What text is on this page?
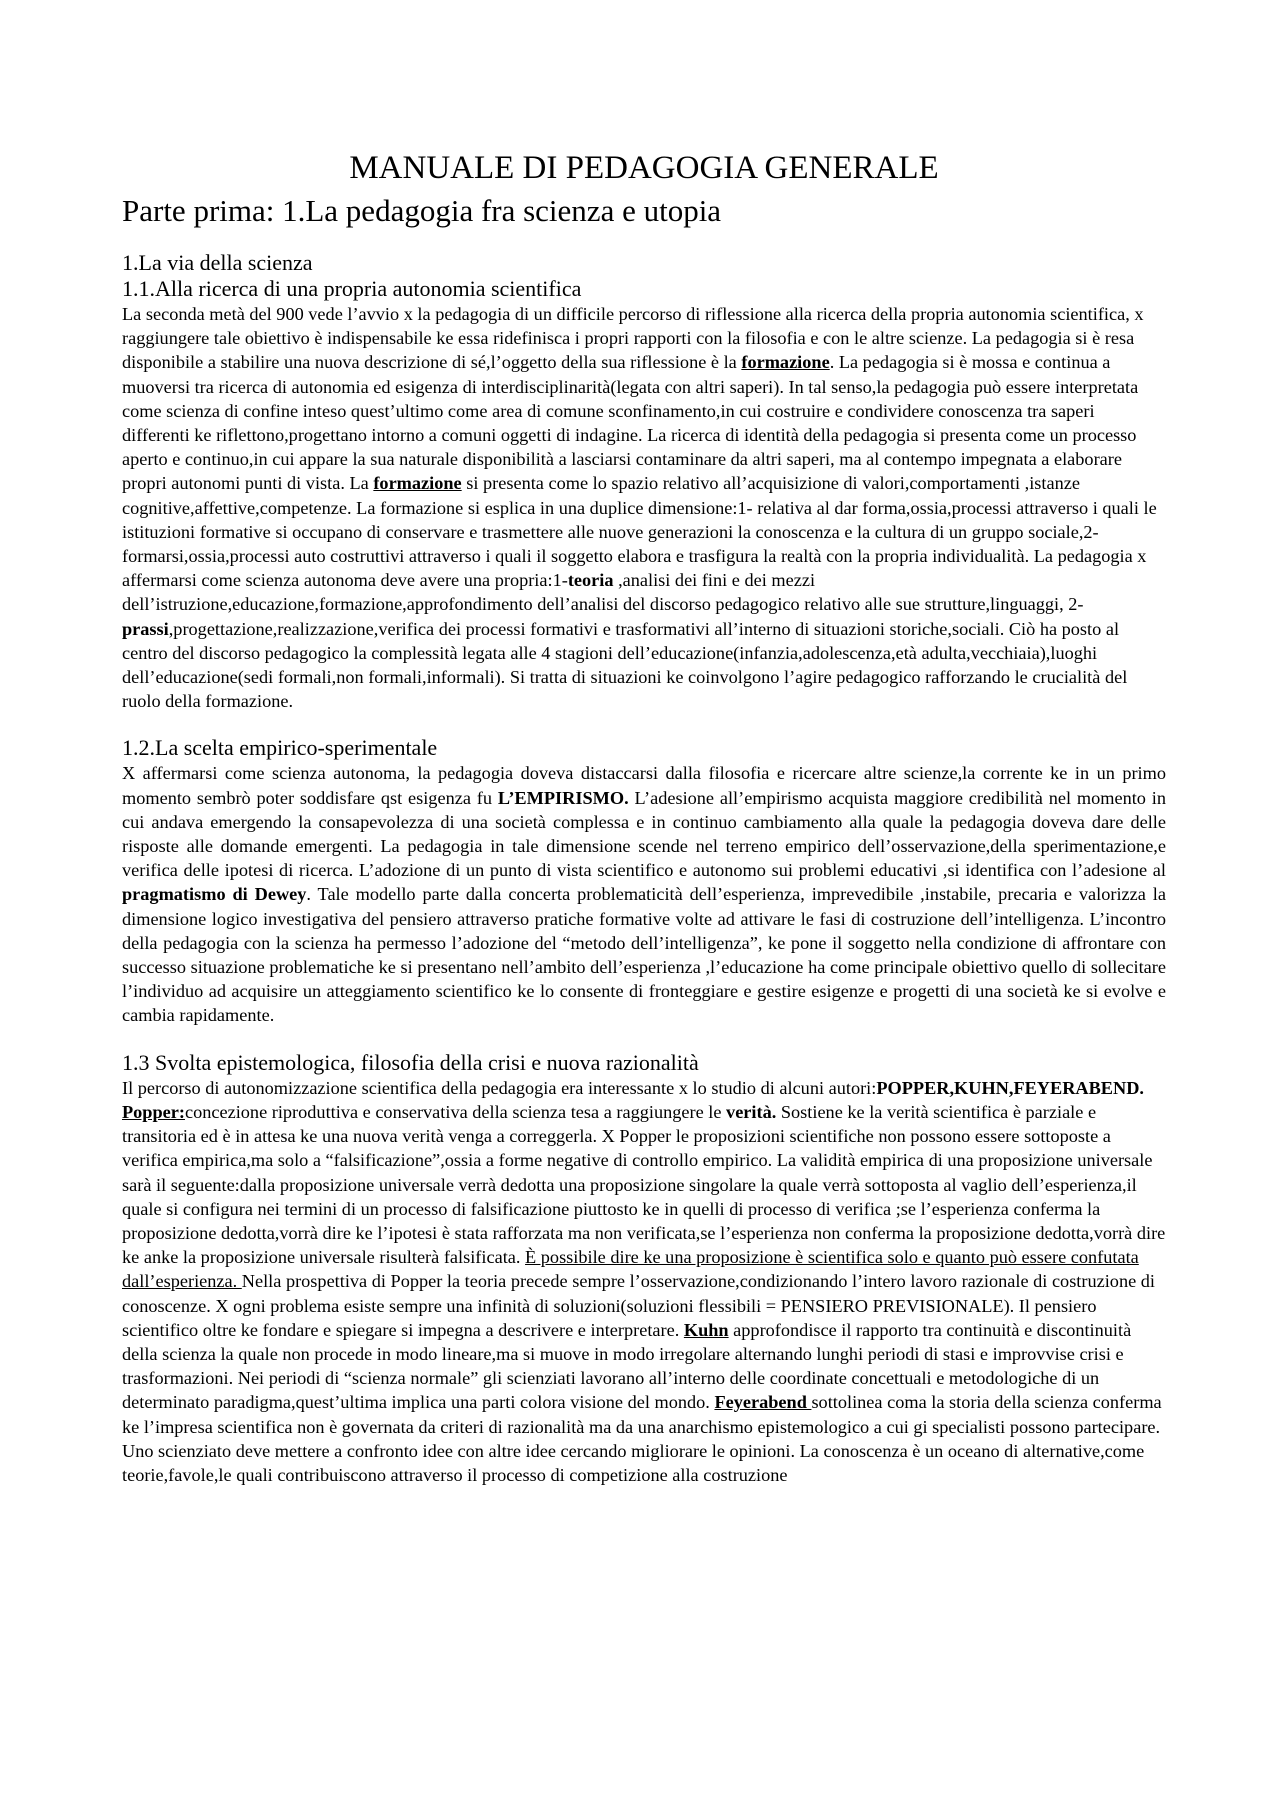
MANUALE DI PEDAGOGIA GENERALE
Parte prima: 1.La pedagogia fra scienza e utopia
1.La via della scienza
1.1.Alla ricerca di una propria autonomia scientifica

La seconda metà del 900 vede l’avvio x la pedagogia di un difficile percorso di riflessione alla ricerca della propria autonomia scientifica, x raggiungere tale obiettivo è indispensabile ke essa ridefinisca i propri rapporti con la filosofia e con le altre scienze. La pedagogia si è resa disponibile a stabilire una nuova descrizione di sé,l’oggetto della sua riflessione è la formazione. La pedagogia si è mossa e continua a muoversi tra ricerca di autonomia ed esigenza di interdisciplinarità(legata con altri saperi). In tal senso,la pedagogia può essere interpretata come scienza di confine inteso quest’ultimo come area di comune sconfinamento,in cui costruire e condividere conoscenza tra saperi differenti ke riflettono,progettano intorno a comuni oggetti di indagine. La ricerca di identità della pedagogia si presenta come un processo aperto e continuo,in cui appare la sua naturale disponibilità a lasciarsi contaminare da altri saperi, ma al contempo impegnata a elaborare propri autonomi punti di vista. La formazione si presenta come lo spazio relativo all’acquisizione di valori,comportamenti ,istanze cognitive,affettive,competenze. La formazione si esplica in una duplice dimensione:1- relativa al dar forma,ossia,processi attraverso i quali le istituzioni formative si occupano di conservare e trasmettere alle nuove generazioni la conoscenza e la cultura di un gruppo sociale,2-formarsi,ossia,processi auto costruttivi attraverso i quali il soggetto elabora e trasfigura la realtà con la propria individualità. La pedagogia x affermarsi come scienza autonoma deve avere una propria:1-teoria ,analisi dei fini e dei mezzi dell’istruzione,educazione,formazione,approfondimento dell’analisi del discorso pedagogico relativo alle sue strutture,linguaggi, 2-prassi,progettazione,realizzazione,verifica dei processi formativi e trasformativi all’interno di situazioni storiche,sociali. Ciò ha posto al centro del discorso pedagogico la complessità legata alle 4 stagioni dell’educazione(infanzia,adolescenza,età adulta,vecchiaia),luoghi dell’educazione(sedi formali,non formali,informali). Si tratta di situazioni ke coinvolgono l’agire pedagogico rafforzando le crucialità del ruolo della formazione.

1.2.La scelta empirico-sperimentale

X affermarsi come scienza autonoma, la pedagogia doveva distaccarsi dalla filosofia e ricercare altre scienze,la corrente ke in un primo momento sembrò poter soddisfare qst esigenza fu L’EMPIRISMO. L’adesione all’empirismo acquista maggiore credibilità nel momento in cui andava emergendo la consapevolezza di una società complessa e in continuo cambiamento alla quale la pedagogia doveva dare delle risposte alle domande emergenti. La pedagogia in tale dimensione scende nel terreno empirico dell’osservazione,della sperimentazione,e verifica delle ipotesi di ricerca. L’adozione di un punto di vista scientifico e autonomo sui problemi educativi ,si identifica con l’adesione al pragmatismo di Dewey. Tale modello parte dalla concerta problematicità dell’esperienza, imprevedibile ,instabile, precaria e valorizza la dimensione logico investigativa del pensiero attraverso pratiche formative volte ad attivare le fasi di costruzione dell’intelligenza. L’incontro della pedagogia con la scienza ha permesso l’adozione del “metodo dell’intelligenza”, ke pone il soggetto nella condizione di affrontare con successo situazione problematiche ke si presentano nell’ambito dell’esperienza ,l’educazione ha come principale obiettivo quello di sollecitare l’individuo ad acquisire un atteggiamento scientifico ke lo consente di fronteggiare e gestire esigenze e progetti di una società ke si evolve e cambia rapidamente.

1.3 Svolta epistemologica, filosofia della crisi e nuova razionalità

Il percorso di autonomizzazione scientifica della pedagogia era interessante x lo studio di alcuni autori:POPPER,KUHN,FEYERABEND. Popper:concezione riproduttiva e conservativa della scienza tesa a raggiungere le verità. Sostiene ke la verità scientifica è parziale e transitoria ed è in attesa ke una nuova verità venga a correggerla. X Popper le proposizioni scientifiche non possono essere sottoposte a verifica empirica,ma solo a “falsificazione”,ossia a forme negative di controllo empirico. La validità empirica di una proposizione universale sarà il seguente:dalla proposizione universale verrà dedotta una proposizione singolare la quale verrà sottoposta al vaglio dell’esperienza,il quale si configura nei termini di un processo di falsificazione piuttosto ke in quelli di processo di verifica ;se l’esperienza conferma la proposizione dedotta,vorrà dire ke l’ipotesi è stata rafforzata ma non verificata,se l’esperienza non conferma la proposizione dedotta,vorrà dire ke anke la proposizione universale risulterà falsificata. È possibile dire ke una proposizione è scientifica solo e quanto può essere confutata dall’esperienza. Nella prospettiva di Popper la teoria precede sempre l’osservazione,condizionando l’intero lavoro razionale di costruzione di conoscenze. X ogni problema esiste sempre una infinità di soluzioni(soluzioni flessibili = PENSIERO PREVISIONALE). Il pensiero scientifico oltre ke fondare e spiegare si impegna a descrivere e interpretare. Kuhn approfondisce il rapporto tra continuità e discontinuità della scienza la quale non procede in modo lineare,ma si muove in modo irregolare alternando lunghi periodi di stasi e improvvise crisi e trasformazioni. Nei periodi di “scienza normale” gli scienziati lavorano all’interno delle coordinate concettuali e metodologiche di un determinato paradigma,quest’ultima implica una parti colora visione del mondo. Feyerabend sottolinea coma la storia della scienza conferma ke l’impresa scientifica non è governata da criteri di razionalità ma da una anarchismo epistemologico a cui gi specialisti possono partecipare. Uno scienziato deve mettere a confronto idee con altre idee cercando migliorare le opinioni. La conoscenza è un oceano di alternative,come teorie,favole,le quali contribuiscono attraverso il processo di competizione alla costruzione
